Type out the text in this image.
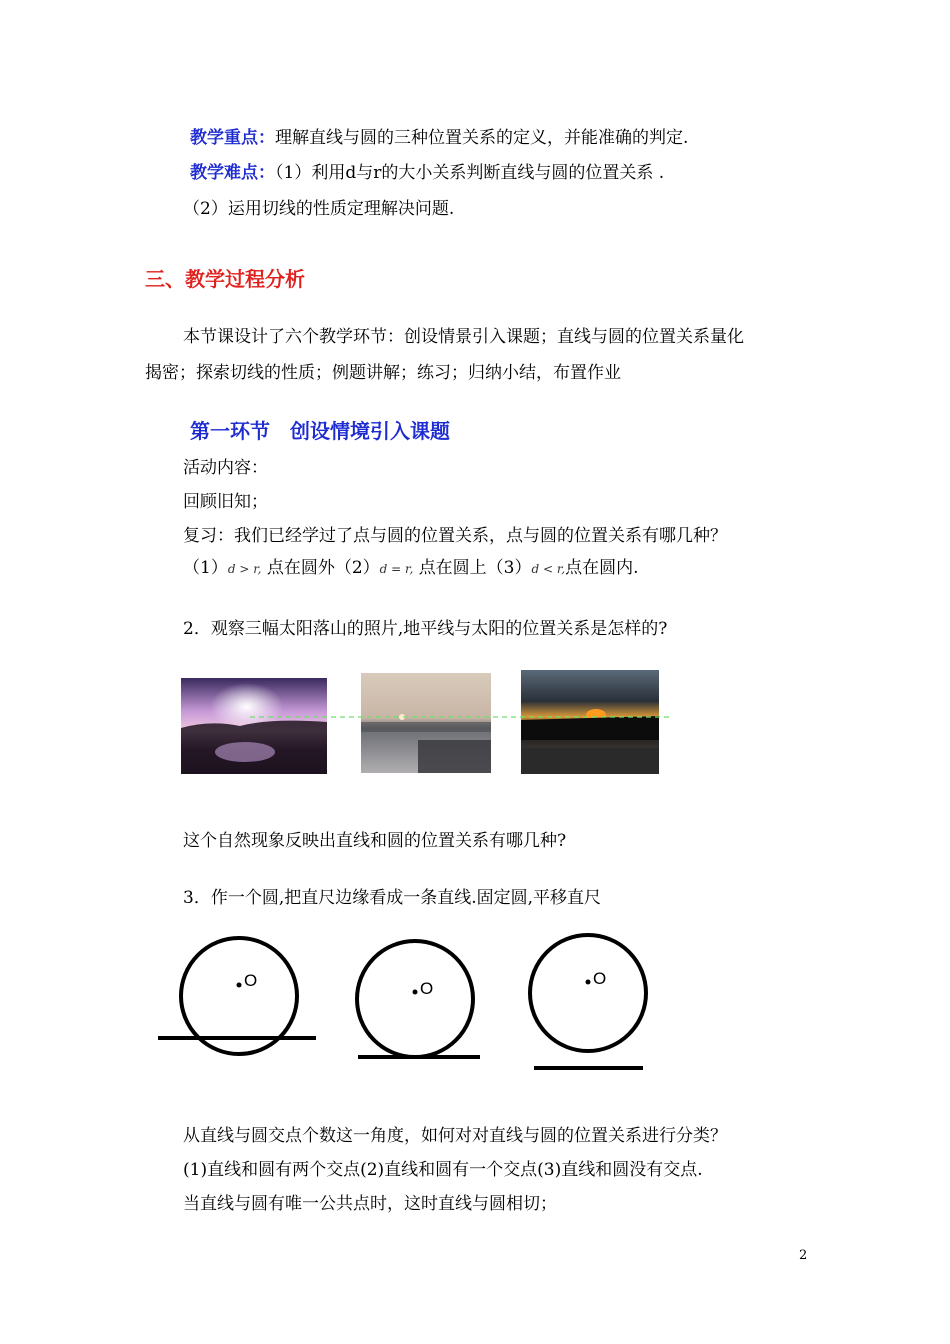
教学重点：理解直线与圆的三种位置关系的定义，并能准确的判定.
教学难点：（1）利用d与r的大小关系判断直线与圆的位置关系 .
（2）运用切线的性质定理解决问题.
三、教学过程分析
本节课设计了六个教学环节：创设情景引入课题；直线与圆的位置关系量化
揭密；探索切线的性质；例题讲解；练习；归纳小结，布置作业
第一环节　创设情境引入课题
活动内容：
回顾旧知；
复习：我们已经学过了点与圆的位置关系，点与圆的位置关系有哪几种？
（1）d > r, 点在圆外（2）d = r, 点在圆上（3）d < r,点在圆内.
2．观察三幅太阳落山的照片,地平线与太阳的位置关系是怎样的?
这个自然现象反映出直线和圆的位置关系有哪几种?
3．作一个圆,把直尺边缘看成一条直线.固定圆,平移直尺
O	O
O
从直线与圆交点个数这一角度，如何对对直线与圆的位置关系进行分类？
(1)直线和圆有两个交点(2)直线和圆有一个交点(3)直线和圆没有交点.
当直线与圆有唯一公共点时，这时直线与圆相切；
2
